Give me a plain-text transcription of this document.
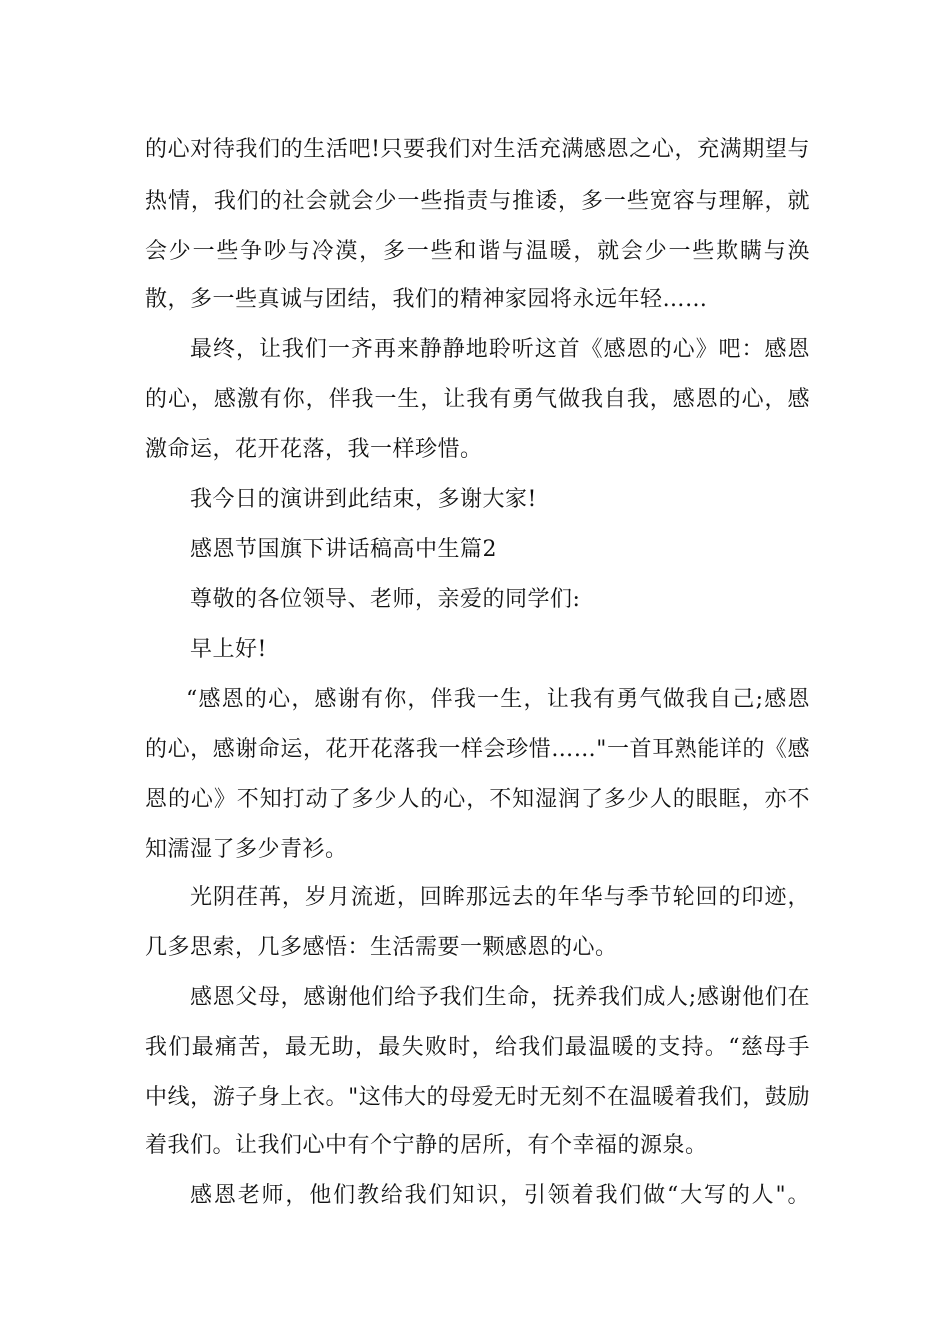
的心对待我们的生活吧!只要我们对生活充满感恩之心，充满期望与
热情，我们的社会就会少一些指责与推诿，多一些宽容与理解，就
会少一些争吵与冷漠，多一些和谐与温暖，就会少一些欺瞒与涣
散，多一些真诚与团结，我们的精神家园将永远年轻……
最终，让我们一齐再来静静地聆听这首《感恩的心》吧：感恩
的心，感激有你，伴我一生，让我有勇气做我自我，感恩的心，感
激命运，花开花落，我一样珍惜。
我今日的演讲到此结束，多谢大家!
感恩节国旗下讲话稿高中生篇2
尊敬的各位领导、老师，亲爱的同学们:
早上好!
“感恩的心，感谢有你，伴我一生，让我有勇气做我自己;感恩
的心，感谢命运，花开花落我一样会珍惜……"一首耳熟能详的《感
恩的心》不知打动了多少人的心，不知湿润了多少人的眼眶，亦不
知濡湿了多少青衫。
光阴荏苒，岁月流逝，回眸那远去的年华与季节轮回的印迹，
几多思索，几多感悟：生活需要一颗感恩的心。
感恩父母，感谢他们给予我们生命，抚养我们成人;感谢他们在
我们最痛苦，最无助，最失败时，给我们最温暖的支持。“慈母手
中线，游子身上衣。"这伟大的母爱无时无刻不在温暖着我们，鼓励
着我们。让我们心中有个宁静的居所，有个幸福的源泉。
感恩老师，他们教给我们知识，引领着我们做“大写的人"。
